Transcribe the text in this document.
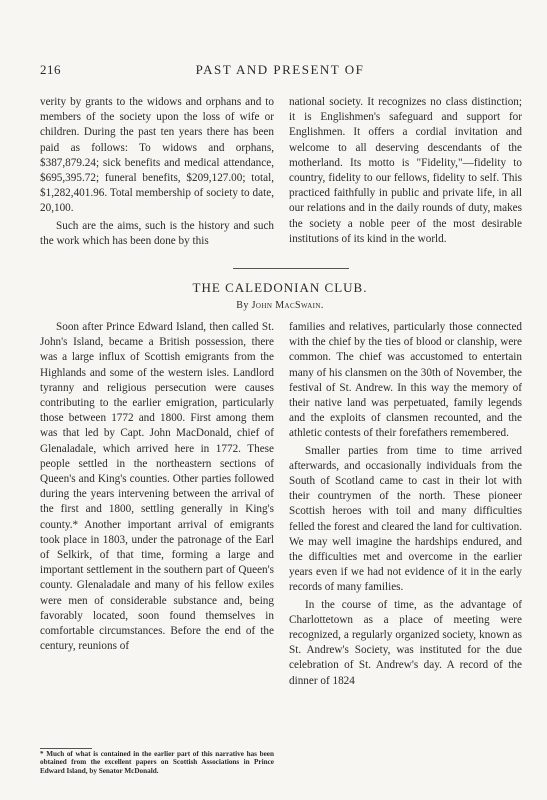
216	PAST AND PRESENT OF

verity by grants to the widows and orphans and to members of the society upon the loss of wife or children. During the past ten years there has been paid as follows: To widows and orphans, $387,879.24; sick benefits and medical attendance, $695,395.72; funeral benefits, $209,127.00; total, $1,282,401.96. Total membership of society to date, 20,100.

Such are the aims, such is the history and such the work which has been done by this

national society. It recognizes no class distinction; it is Englishmen's safeguard and support for Englishmen. It offers a cordial invitation and welcome to all deserving descendants of the motherland. Its motto is "Fidelity,"—fidelity to country, fidelity to our fellows, fidelity to self. This practiced faithfully in public and private life, in all our relations and in the daily rounds of duty, makes the society a noble peer of the most desirable institutions of its kind in the world.

THE CALEDONIAN CLUB.
By John MacSwain.

Soon after Prince Edward Island, then called St. John's Island, became a British possession, there was a large influx of Scottish emigrants from the Highlands and some of the western isles. Landlord tyranny and religious persecution were causes contributing to the earlier emigration, particularly those between 1772 and 1800. First among them was that led by Capt. John MacDonald, chief of Glenaladale, which arrived here in 1772. These people settled in the northeastern sections of Queen's and King's counties. Other parties followed during the years intervening between the arrival of the first and 1800, settling generally in King's county.* Another important arrival of emigrants took place in 1803, under the patronage of the Earl of Selkirk, of that time, forming a large and important settlement in the southern part of Queen's county. Glenaladale and many of his fellow exiles were men of considerable substance and, being favorably located, soon found themselves in comfortable circumstances. Before the end of the century, reunions of

families and relatives, particularly those connected with the chief by the ties of blood or clanship, were common. The chief was accustomed to entertain many of his clansmen on the 30th of November, the festival of St. Andrew. In this way the memory of their native land was perpetuated, family legends and the exploits of clansmen recounted, and the athletic contests of their forefathers remembered.

Smaller parties from time to time arrived afterwards, and occasionally individuals from the South of Scotland came to cast in their lot with their countrymen of the north. These pioneer Scottish heroes with toil and many difficulties felled the forest and cleared the land for cultivation. We may well imagine the hardships endured, and the difficulties met and overcome in the earlier years even if we had not evidence of it in the early records of many families.

In the course of time, as the advantage of Charlottetown as a place of meeting were recognized, a regularly organized society, known as St. Andrew's Society, was instituted for the due celebration of St. Andrew's day. A record of the dinner of 1824

* Much of what is contained in the earlier part of this narrative has been obtained from the excellent papers on Scottish Associations in Prince Edward Island, by Senator McDonald.
